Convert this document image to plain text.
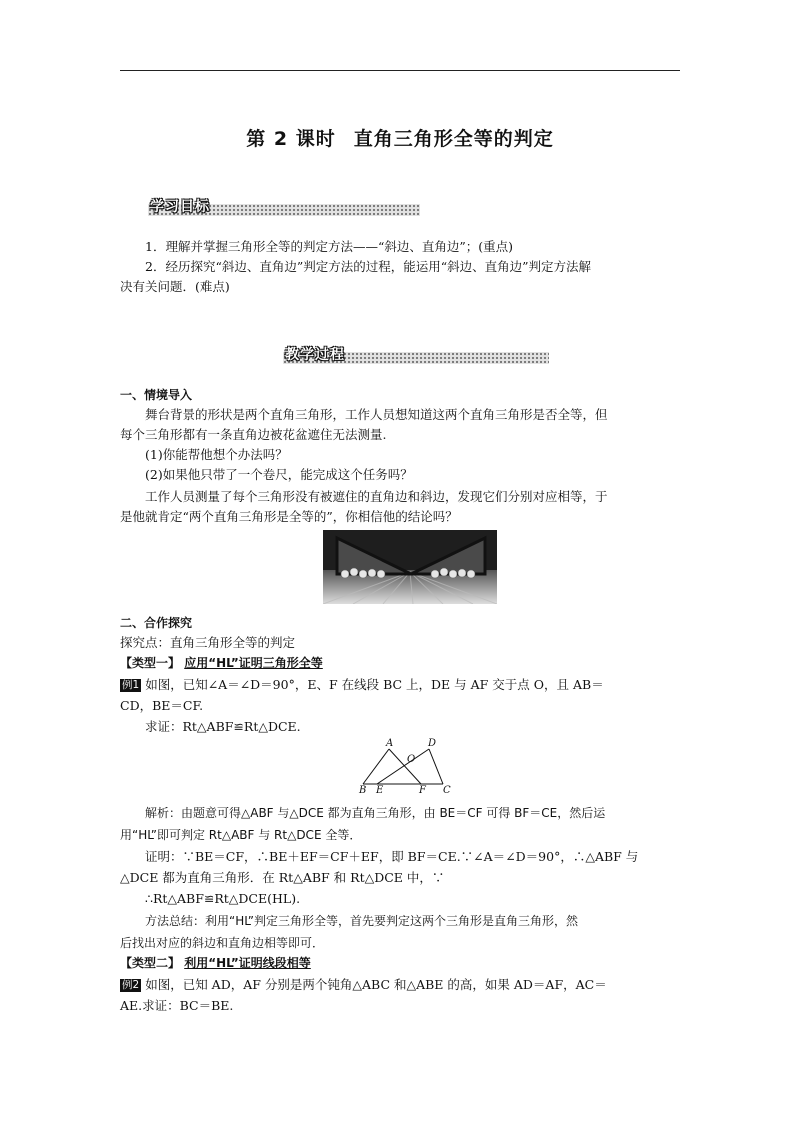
第 2 课时 直角三角形全等的判定
学习目标
1．理解并掌握三角形全等的判定方法——“斜边、直角边”；(重点)
2．经历探究“斜边、直角边”判定方法的过程，能运用“斜边、直角边”判定方法解
决有关问题．(难点)
教学过程
一、情境导入
舞台背景的形状是两个直角三角形，工作人员想知道这两个直角三角形是否全等，但
每个三角形都有一条直角边被花盆遮住无法测量.
(1)你能帮他想个办法吗？
(2)如果他只带了一个卷尺，能完成这个任务吗？
工作人员测量了每个三角形没有被遮住的直角边和斜边，发现它们分别对应相等，于
是他就肯定“两个直角三角形是全等的”，你相信他的结论吗？
二、合作探究
探究点：直角三角形全等的判定
【类型一】 应用“HL”证明三角形全等
例1 如图，已知∠A＝∠D＝90°，E、F 在线段 BC 上，DE 与 AF 交于点 O，且 AB＝
CD，BE＝CF.
求证：Rt△ABF≌Rt△DCE.
A	D
O
B E	F C
解析：由题意可得△ABF 与△DCE 都为直角三角形，由 BE＝CF 可得 BF＝CE，然后运
用“HL”即可判定 Rt△ABF 与 Rt△DCE 全等．
证明：∵BE＝CF，∴BE＋EF＝CF＋EF，即 BF＝CE.∵∠A＝∠D＝90°，∴△ABF 与
△DCE 都为直角三角形．在 Rt△ABF 和 Rt△DCE 中，∵
∴Rt△ABF≌Rt△DCE(HL).
方法总结：利用“HL”判定三角形全等，首先要判定这两个三角形是直角三角形，然
后找出对应的斜边和直角边相等即可．
【类型二】 利用“HL”证明线段相等
例2 如图，已知 AD，AF 分别是两个钝角△ABC 和△ABE 的高，如果 AD＝AF，AC＝
AE.求证：BC＝BE.
